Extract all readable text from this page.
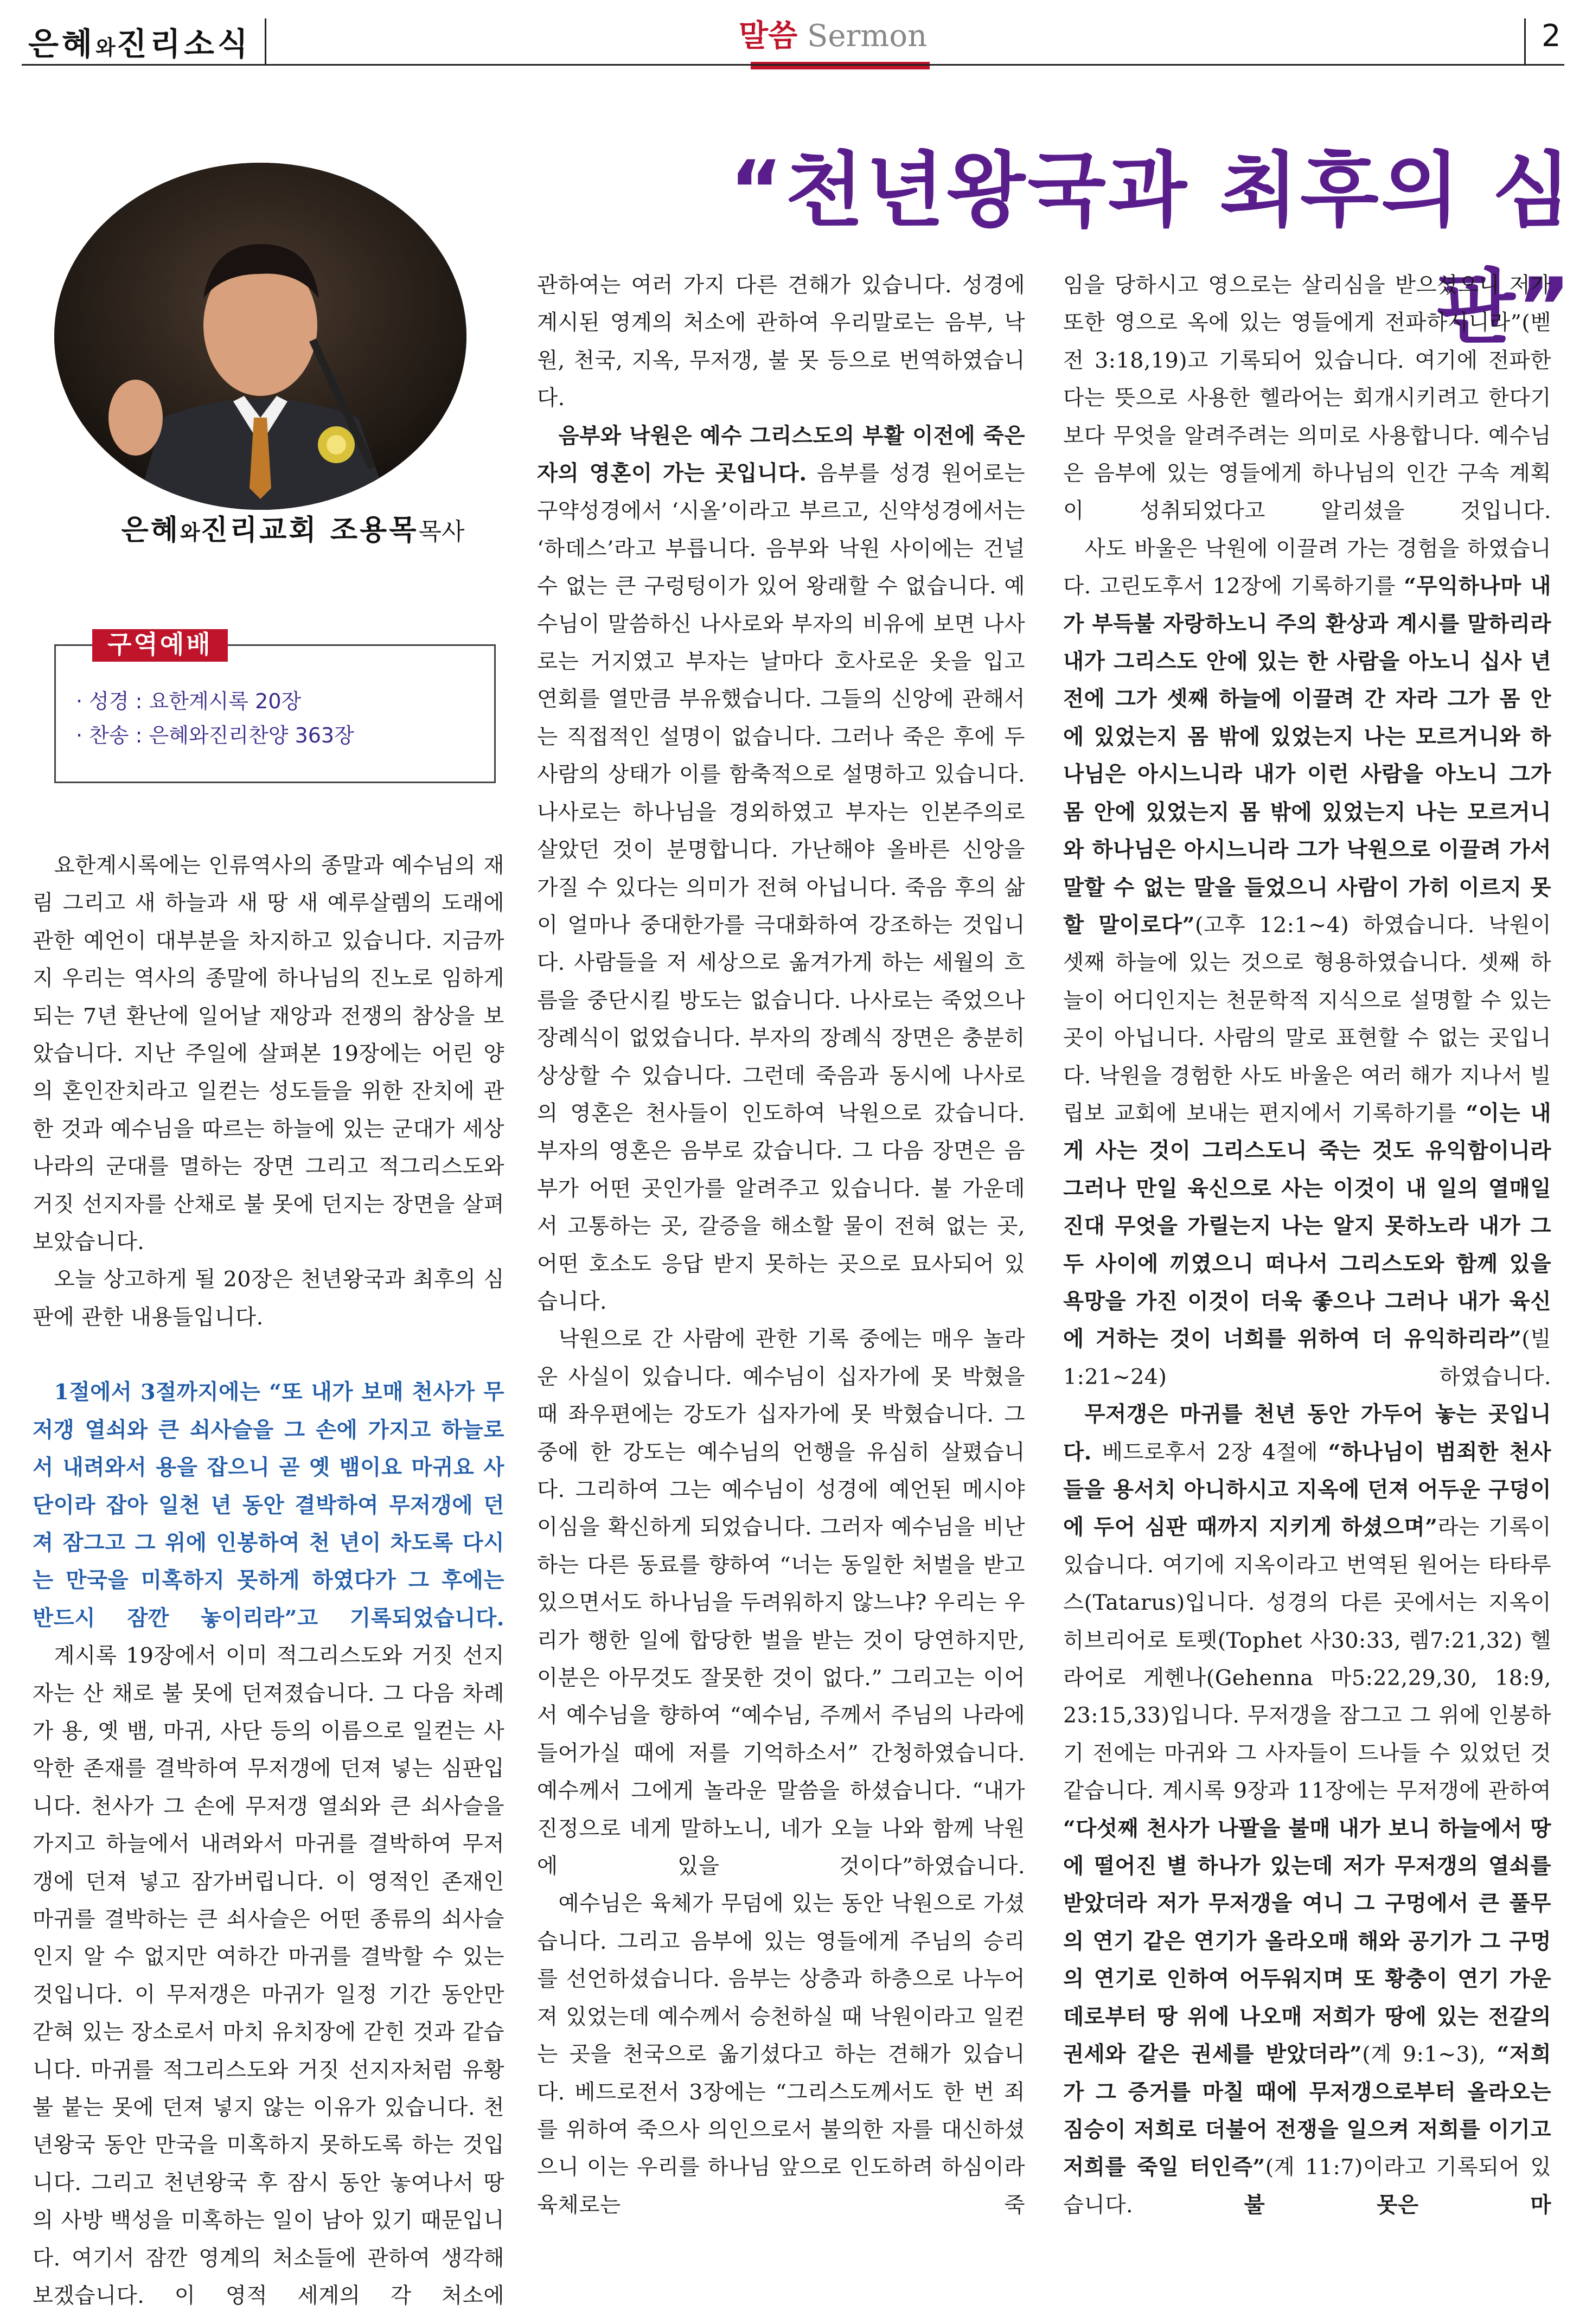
은혜와진리소식	말씀 Sermon	2
“천년왕국과 최후의 심판”
은혜와진리교회 조용목목사
구역예배
· 성경 : 요한계시록 20장
· 찬송 : 은혜와진리찬양 363장

요한계시록에는 인류역사의 종말과 예수님의 재림 그리고 새 하늘과 새 땅 새 예루살렘의 도래에 관한 예언이 대부분을 차지하고 있습니다. 지금까지 우리는 역사의 종말에 하나님의 진노로 임하게 되는 7년 환난에 일어날 재앙과 전쟁의 참상을 보았습니다. 지난 주일에 살펴본 19장에는 어린 양의 혼인잔치라고 일컫는 성도들을 위한 잔치에 관한 것과 예수님을 따르는 하늘에 있는 군대가 세상 나라의 군대를 멸하는 장면 그리고 적그리스도와 거짓 선지자를 산채로 불 못에 던지는 장면을 살펴보았습니다.

오늘 상고하게 될 20장은 천년왕국과 최후의 심판에 관한 내용들입니다.

1절에서 3절까지에는 “또 내가 보매 천사가 무저갱 열쇠와 큰 쇠사슬을 그 손에 가지고 하늘로서 내려와서 용을 잡으니 곧 옛 뱀이요 마귀요 사단이라 잡아 일천 년 동안 결박하여 무저갱에 던져 잠그고 그 위에 인봉하여 천 년이 차도록 다시는 만국을 미혹하지 못하게 하였다가 그 후에는 반드시 잠깐 놓이리라”고 기록되었습니다.

계시록 19장에서 이미 적그리스도와 거짓 선지자는 산 채로 불 못에 던져졌습니다. 그 다음 차례가 용, 옛 뱀, 마귀, 사단 등의 이름으로 일컫는 사악한 존재를 결박하여 무저갱에 던져 넣는 심판입니다. 천사가 그 손에 무저갱 열쇠와 큰 쇠사슬을 가지고 하늘에서 내려와서 마귀를 결박하여 무저갱에 던져 넣고 잠가버립니다. 이 영적인 존재인 마귀를 결박하는 큰 쇠사슬은 어떤 종류의 쇠사슬인지 알 수 없지만 여하간 마귀를 결박할 수 있는 것입니다. 이 무저갱은 마귀가 일정 기간 동안만 갇혀 있는 장소로서 마치 유치장에 갇힌 것과 같습니다. 마귀를 적그리스도와 거짓 선지자처럼 유황불 붙는 못에 던져 넣지 않는 이유가 있습니다. 천년왕국 동안 만국을 미혹하지 못하도록 하는 것입니다. 그리고 천년왕국 후 잠시 동안 놓여나서 땅의 사방 백성을 미혹하는 일이 남아 있기 때문입니다. 여기서 잠깐 영계의 처소들에 관하여 생각해 보겠습니다. 이 영적 세계의 각 처소에

관하여는 여러 가지 다른 견해가 있습니다. 성경에 계시된 영계의 처소에 관하여 우리말로는 음부, 낙원, 천국, 지옥, 무저갱, 불 못 등으로 번역하였습니다.

음부와 낙원은 예수 그리스도의 부활 이전에 죽은 자의 영혼이 가는 곳입니다. 음부를 성경 원어로는 구약성경에서 ‘시올’이라고 부르고, 신약성경에서는 ‘하데스’라고 부릅니다. 음부와 낙원 사이에는 건널 수 없는 큰 구렁텅이가 있어 왕래할 수 없습니다. 예수님이 말씀하신 나사로와 부자의 비유에 보면 나사로는 거지였고 부자는 날마다 호사로운 옷을 입고 연회를 열만큼 부유했습니다. 그들의 신앙에 관해서는 직접적인 설명이 없습니다. 그러나 죽은 후에 두 사람의 상태가 이를 함축적으로 설명하고 있습니다. 나사로는 하나님을 경외하였고 부자는 인본주의로 살았던 것이 분명합니다. 가난해야 올바른 신앙을 가질 수 있다는 의미가 전혀 아닙니다. 죽음 후의 삶이 얼마나 중대한가를 극대화하여 강조하는 것입니다. 사람들을 저 세상으로 옮겨가게 하는 세월의 흐름을 중단시킬 방도는 없습니다. 나사로는 죽었으나 장례식이 없었습니다. 부자의 장례식 장면은 충분히 상상할 수 있습니다. 그런데 죽음과 동시에 나사로의 영혼은 천사들이 인도하여 낙원으로 갔습니다. 부자의 영혼은 음부로 갔습니다. 그 다음 장면은 음부가 어떤 곳인가를 알려주고 있습니다. 불 가운데서 고통하는 곳, 갈증을 해소할 물이 전혀 없는 곳, 어떤 호소도 응답 받지 못하는 곳으로 묘사되어 있습니다.

낙원으로 간 사람에 관한 기록 중에는 매우 놀라운 사실이 있습니다. 예수님이 십자가에 못 박혔을 때 좌우편에는 강도가 십자가에 못 박혔습니다. 그 중에 한 강도는 예수님의 언행을 유심히 살폈습니다. 그리하여 그는 예수님이 성경에 예언된 메시야이심을 확신하게 되었습니다. 그러자 예수님을 비난하는 다른 동료를 향하여 “너는 동일한 처벌을 받고 있으면서도 하나님을 두려워하지 않느냐? 우리는 우리가 행한 일에 합당한 벌을 받는 것이 당연하지만, 이분은 아무것도 잘못한 것이 없다.” 그리고는 이어서 예수님을 향하여 “예수님, 주께서 주님의 나라에 들어가실 때에 저를 기억하소서” 간청하였습니다. 예수께서 그에게 놀라운 말씀을 하셨습니다. “내가 진정으로 네게 말하노니, 네가 오늘 나와 함께 낙원에 있을 것이다”하였습니다.

예수님은 육체가 무덤에 있는 동안 낙원으로 가셨습니다. 그리고 음부에 있는 영들에게 주님의 승리를 선언하셨습니다. 음부는 상층과 하층으로 나누어져 있었는데 예수께서 승천하실 때 낙원이라고 일컫는 곳을 천국으로 옮기셨다고 하는 견해가 있습니다. 베드로전서 3장에는 “그리스도께서도 한 번 죄를 위하여 죽으사 의인으로서 불의한 자를 대신하셨으니 이는 우리를 하나님 앞으로 인도하려 하심이라 육체로는 죽

임을 당하시고 영으로는 살리심을 받으셨으니 저가 또한 영으로 옥에 있는 영들에게 전파하시니라”(벧전 3:18,19)고 기록되어 있습니다. 여기에 전파한다는 뜻으로 사용한 헬라어는 회개시키려고 한다기보다 무엇을 알려주려는 의미로 사용합니다. 예수님은 음부에 있는 영들에게 하나님의 인간 구속 계획이 성취되었다고 알리셨을 것입니다.

사도 바울은 낙원에 이끌려 가는 경험을 하였습니다. 고린도후서 12장에 기록하기를 “무익하나마 내가 부득불 자랑하노니 주의 환상과 계시를 말하리라 내가 그리스도 안에 있는 한 사람을 아노니 십사 년 전에 그가 셋째 하늘에 이끌려 간 자라 그가 몸 안에 있었는지 몸 밖에 있었는지 나는 모르거니와 하나님은 아시느니라 내가 이런 사람을 아노니 그가 몸 안에 있었는지 몸 밖에 있었는지 나는 모르거니와 하나님은 아시느니라 그가 낙원으로 이끌려 가서 말할 수 없는 말을 들었으니 사람이 가히 이르지 못할 말이로다”(고후 12:1~4) 하였습니다. 낙원이 셋째 하늘에 있는 것으로 형용하였습니다. 셋째 하늘이 어디인지는 천문학적 지식으로 설명할 수 있는 곳이 아닙니다. 사람의 말로 표현할 수 없는 곳입니다. 낙원을 경험한 사도 바울은 여러 해가 지나서 빌립보 교회에 보내는 편지에서 기록하기를 “이는 내게 사는 것이 그리스도니 죽는 것도 유익함이니라 그러나 만일 육신으로 사는 이것이 내 일의 열매일진대 무엇을 가릴는지 나는 알지 못하노라 내가 그 두 사이에 끼였으니 떠나서 그리스도와 함께 있을 욕망을 가진 이것이 더욱 좋으나 그러나 내가 육신에 거하는 것이 너희를 위하여 더 유익하리라”(빌 1:21~24) 하였습니다.

무저갱은 마귀를 천년 동안 가두어 놓는 곳입니다. 베드로후서 2장 4절에 “하나님이 범죄한 천사들을 용서치 아니하시고 지옥에 던져 어두운 구덩이에 두어 심판 때까지 지키게 하셨으며”라는 기록이 있습니다. 여기에 지옥이라고 번역된 원어는 타타루스(Tatarus)입니다. 성경의 다른 곳에서는 지옥이 히브리어로 토펫(Tophet 사30:33, 렘7:21,32) 헬라어로 게헨나(Gehenna 마5:22,29,30, 18:9, 23:15,33)입니다. 무저갱을 잠그고 그 위에 인봉하기 전에는 마귀와 그 사자들이 드나들 수 있었던 것 같습니다. 계시록 9장과 11장에는 무저갱에 관하여 “다섯째 천사가 나팔을 불매 내가 보니 하늘에서 땅에 떨어진 별 하나가 있는데 저가 무저갱의 열쇠를 받았더라 저가 무저갱을 여니 그 구멍에서 큰 풀무의 연기 같은 연기가 올라오매 해와 공기가 그 구멍의 연기로 인하여 어두워지며 또 황충이 연기 가운데로부터 땅 위에 나오매 저희가 땅에 있는 전갈의 권세와 같은 권세를 받았더라”(계 9:1~3), “저희가 그 증거를 마칠 때에 무저갱으로부터 올라오는 짐승이 저희로 더불어 전쟁을 일으켜 저희를 이기고 저희를 죽일 터인즉”(계 11:7)이라고 기록되어 있습니다. 불 못은 마
